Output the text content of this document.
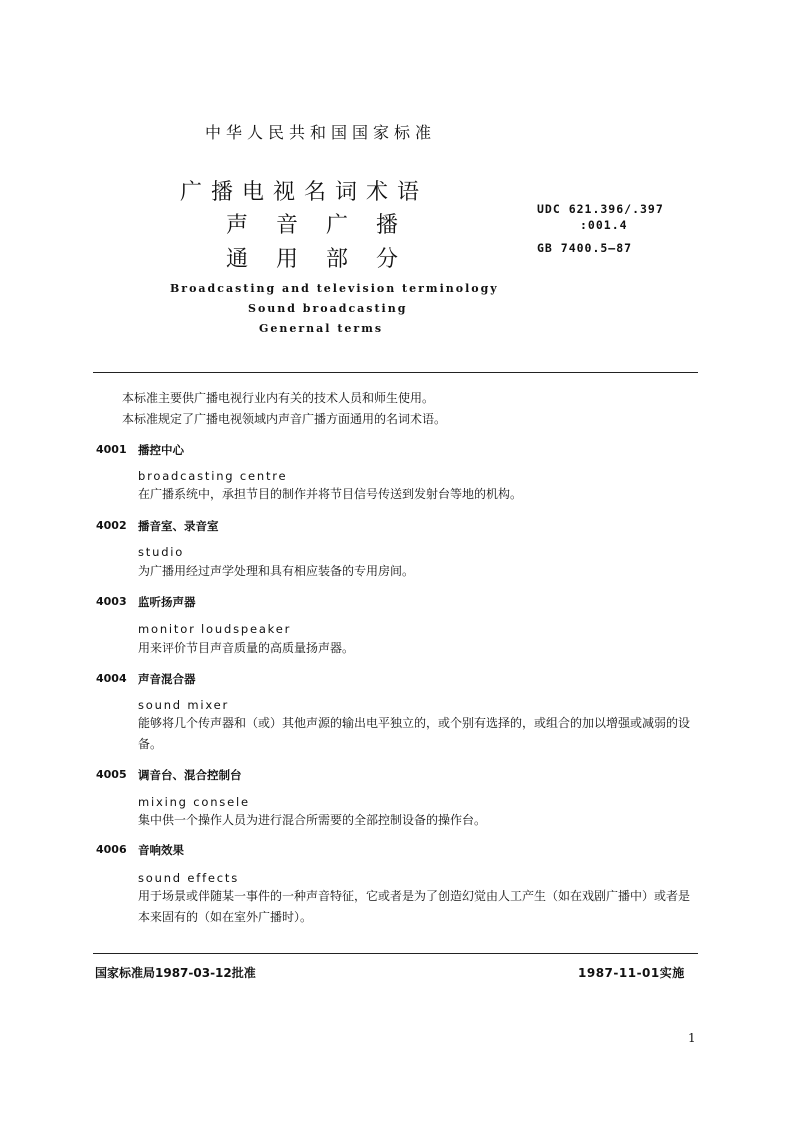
中华人民共和国国家标准
广播电视名词术语
声音广播
通用部分
UDC 621.396/.397
:001.4
GB 7400.5—87
Broadcasting and television terminology
Sound broadcasting
Genernal terms
本标准主要供广播电视行业内有关的技术人员和师生使用。
本标准规定了广播电视领域内声音广播方面通用的名词术语。
4001 播控中心
broadcasting centre
在广播系统中，承担节目的制作并将节目信号传送到发射台等地的机构。
4002 播音室、录音室
studio
为广播用经过声学处理和具有相应装备的专用房间。
4003 监听扬声器
monitor loudspeaker
用来评价节目声音质量的高质量扬声器。
4004 声音混合器
sound mixer
能够将几个传声器和（或）其他声源的输出电平独立的，或个别有选择的，或组合的加以增强或减弱的设备。
4005 调音台、混合控制台
mixing consele
集中供一个操作人员为进行混合所需要的全部控制设备的操作台。
4006 音响效果
sound effects
用于场景或伴随某一事件的一种声音特征，它或者是为了创造幻觉由人工产生（如在戏剧广播中）或者是本来固有的（如在室外广播时）。
国家标准局1987-03-12批准	1987-11-01实施
1
